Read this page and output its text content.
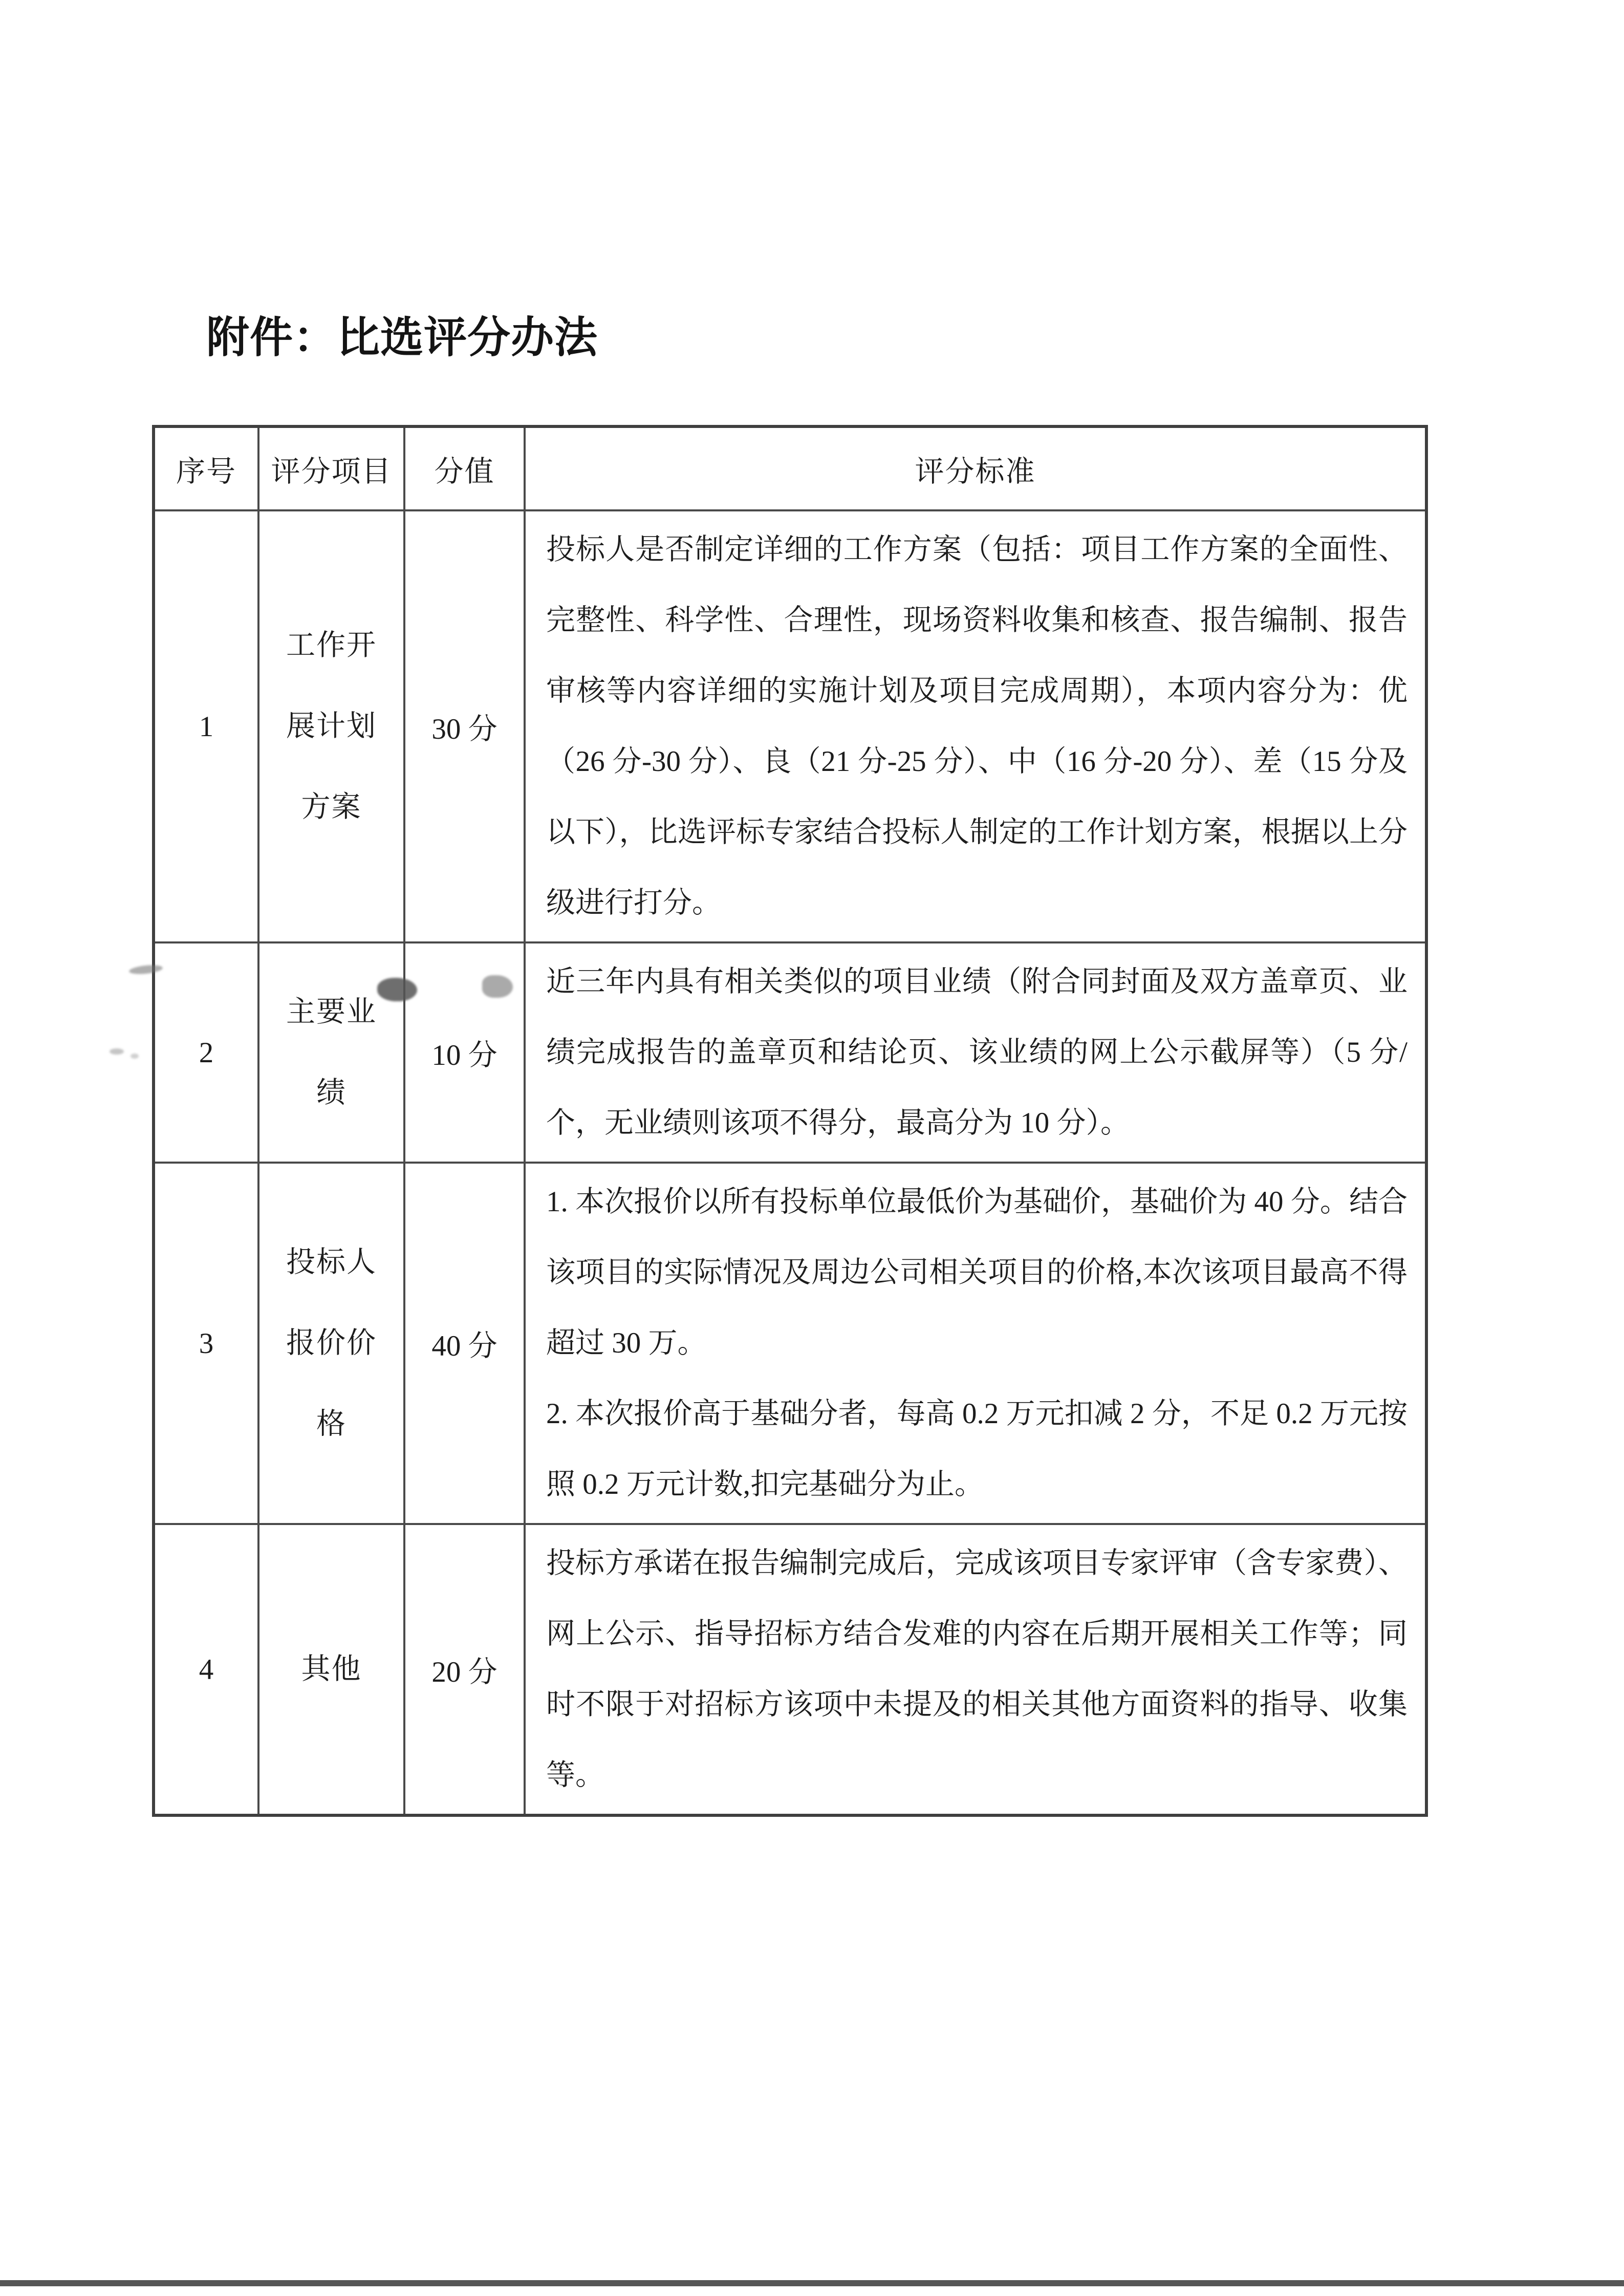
附件：比选评分办法
序号	评分项目	分值	评分标准
1	工作开展计划方案	30 分	投标人是否制定详细的工作方案（包括：项目工作方案的全面性、完整性、科学性、合理性，现场资料收集和核查、报告编制、报告审核等内容详细的实施计划及项目完成周期），本项内容分为：优（26 分-30 分）、良（21 分-25 分）、中（16 分-20 分）、差（15 分及以下），比选评标专家结合投标人制定的工作计划方案，根据以上分级进行打分。

2	主要业绩	10 分	近三年内具有相关类似的项目业绩（附合同封面及双方盖章页、业绩完成报告的盖章页和结论页、该业绩的网上公示截屏等）（5 分/个，无业绩则该项不得分，最高分为 10 分）。

3	投标人报价价格	40 分	1. 本次报价以所有投标单位最低价为基础价，基础价为 40 分。结合该项目的实际情况及周边公司相关项目的价格,本次该项目最高不得超过 30 万。

2. 本次报价高于基础分者，每高 0.2 万元扣减 2 分，不足 0.2 万元按照 0.2 万元计数,扣完基础分为止。

4	其他	20 分	投标方承诺在报告编制完成后，完成该项目专家评审（含专家费）、网上公示、指导招标方结合发难的内容在后期开展相关工作等；同时不限于对招标方该项中未提及的相关其他方面资料的指导、收集等。
